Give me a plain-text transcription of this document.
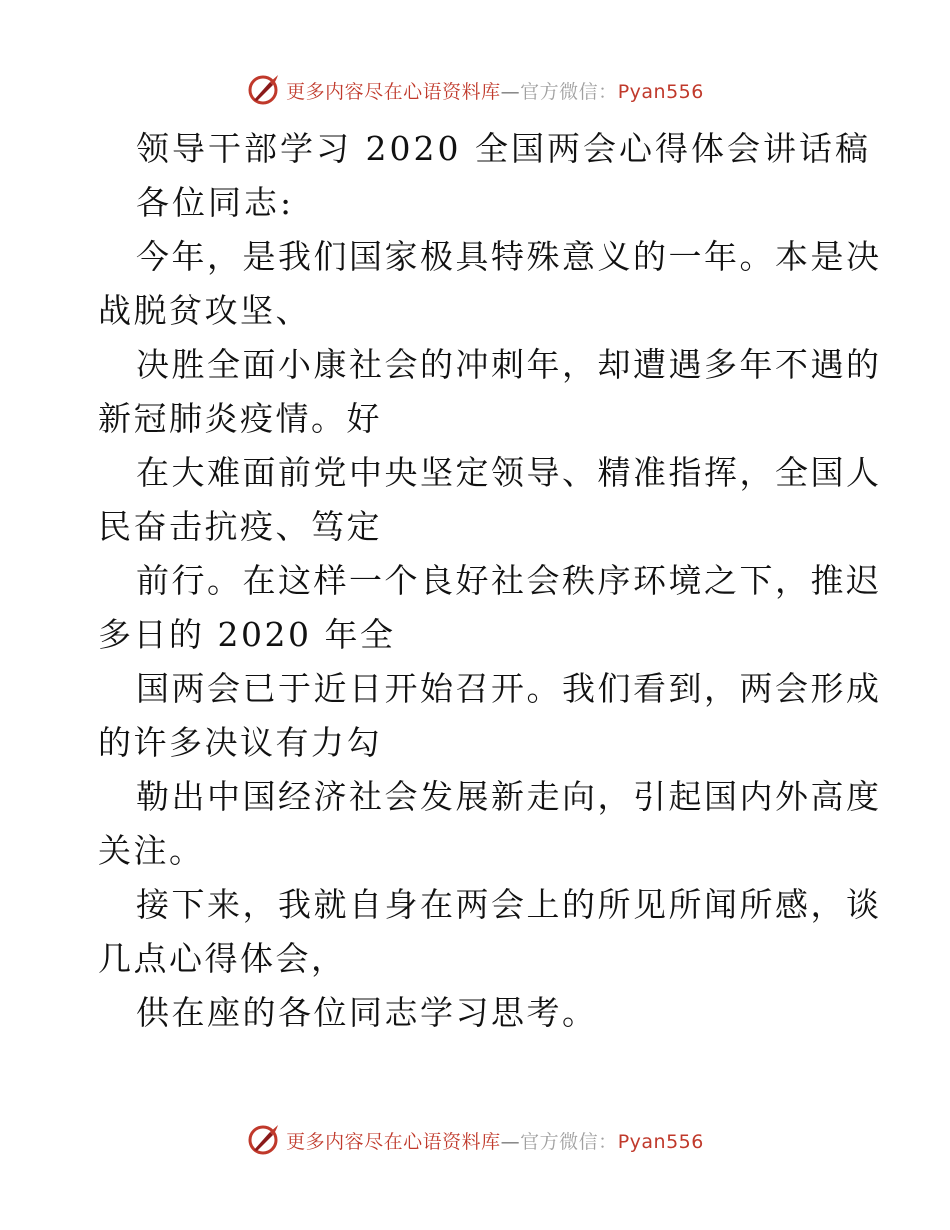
更多内容尽在心语资料库—官方微信：Pyan556
领导干部学习 2020 全国两会心得体会讲话稿
各位同志:
今年，是我们国家极具特殊意义的一年。本是决
战脱贫攻坚、
决胜全面小康社会的冲刺年，却遭遇多年不遇的
新冠肺炎疫情。好
在大难面前党中央坚定领导、精准指挥，全国人
民奋击抗疫、笃定
前行。在这样一个良好社会秩序环境之下，推迟
多日的 2020 年全
国两会已于近日开始召开。我们看到，两会形成
的许多决议有力勾
勒出中国经济社会发展新走向，引起国内外高度
关注。
接下来，我就自身在两会上的所见所闻所感，谈
几点心得体会，
供在座的各位同志学习思考。
更多内容尽在心语资料库—官方微信：Pyan556
